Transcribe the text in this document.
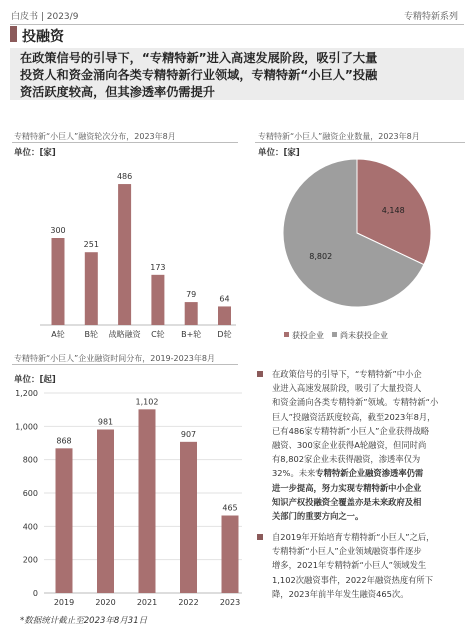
白皮书 | 2023/9	专精特新系列
投融资
在政策信号的引导下，“专精特新”进入高速发展阶段，吸引了大量
投资人和资金涌向各类专精特新行业领域，专精特新“小巨人”投融
资活跃度较高，但其渗透率仍需提升
专精特新“小巨人”融资轮次分布，2023年8月
单位：[家]
专精特新“小巨人”融资企业数量，2023年8月
单位：[家]
专精特新“小巨人”企业融资时间分布，2019-2023年8月
单位：[起]
300
A轮
251
B轮
486
战略融资
173
C轮
79
B+轮
64
D轮
4,148
8,802
获投企业 尚未获投企业
0
200
400
600
800
1,000
1,200
868
2019
981
2020
1,102
2021
907
2022
465
2023
在政策信号的引导下，“专精特新”中小企
业进入高速发展阶段，吸引了大量投资人
和资金涌向各类专精特新”领域。专精特新“小
巨人”投融资活跃度较高，截至2023年8月，
已有486家专精特新“小巨人”企业获得战略
融资、300家企业获得A轮融资，但同时尚
有8,802家企业未获得融资，渗透率仅为
32%。未来专精特新企业融资渗透率仍需
进一步提高，努力实现专精特新中小企业
知识产权投融资全覆盖亦是未来政府及相
关部门的重要方向之一。
自2019年开始培育专精特新“小巨人”之后，
专精特新“小巨人”企业领域融资事件逐步
增多，2021年专精特新“小巨人”领域发生
1,102次融资事件，2022年融资热度有所下
降，2023年前半年发生融资465次。
*数据统计截止至2023年8月31日
